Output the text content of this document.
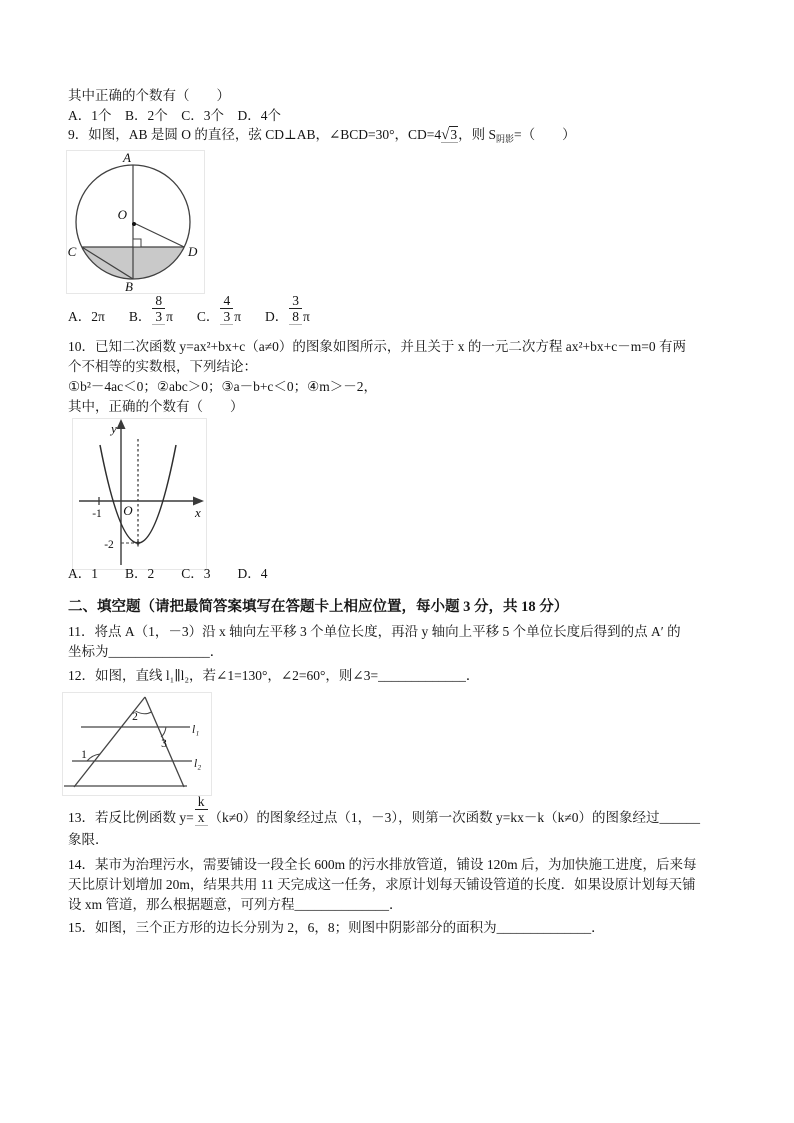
其中正确的个数有（　　）

A．1个　B．2个　C．3个　D．4个

9．如图，AB 是圆 O 的直径，弦 CD⊥AB，∠BCD=30°，CD=4√3，则 $S_{阴影}=$（　　）

A
O
C	D
B
A． 2π B． $\frac{8}{3}$ π C． $\frac{4}{3}$ π D． $\frac{3}{8}$ π

10．已知二次函数 y=ax²+bx+c（a≠0）的图象如图所示，并且关于 x 的一元二次方程 ax²+bx+c－m=0 有两

个不相等的实数根，下列结论：

①b²－4ac＜0；②abc＞0；③a－b+c＜0；④m＞－2，

其中，正确的个数有（　　）

y
x
O
-1
-2

A．1　　B．2　　C．3　　D．4

二、填空题（请把最简答案填写在答题卡上相应位置，每小题 3 分，共 18 分）

11．将点 A（1，－3）沿 x 轴向左平移 3 个单位长度，再沿 y 轴向上平移 5 个单位长度后得到的点 A′ 的

坐标为_______________．

12．如图，直线 l₁∥l₂，若∠1=130°，∠2=60°，则∠3=_____________．

2
1
3
l₁
l₂
13．若反比例函数 $y= \frac{k}{x} (k\ne 0)$的图象经过点（1，－3），则第一次函数 y=kx－k（k≠0）的图象经过______

象限．

14．某市为治理污水，需要铺设一段全长 600m 的污水排放管道，铺设 120m 后，为加快施工进度，后来每

天比原计划增加 20m，结果共用 11 天完成这一任务，求原计划每天铺设管道的长度．如果设原计划每天铺

设 xm 管道，那么根据题意，可列方程______________．

15．如图，三个正方形的边长分别为 2，6，8；则图中阴影部分的面积为______________．
